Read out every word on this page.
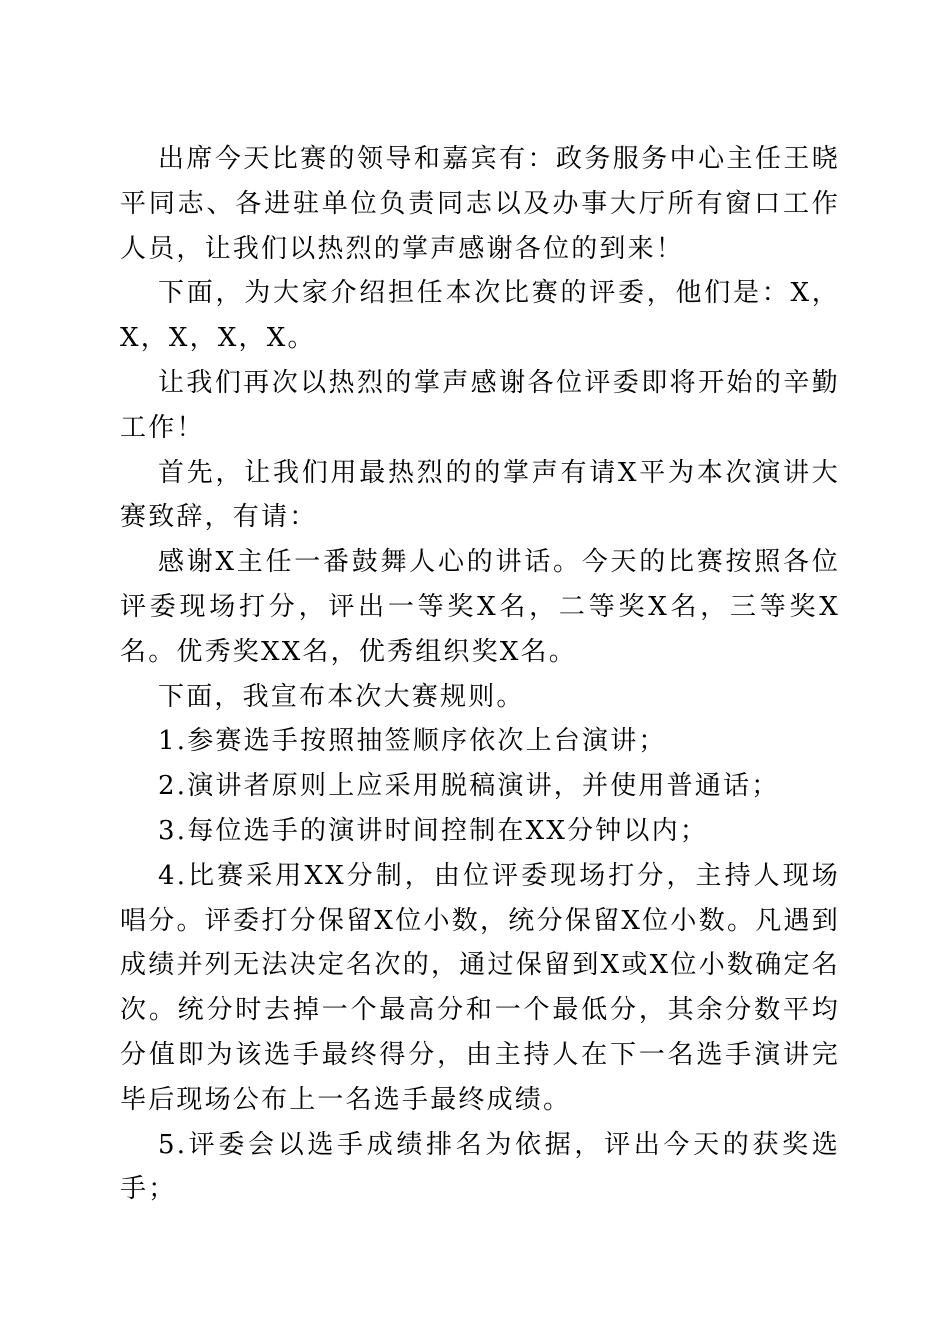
出席今天比赛的领导和嘉宾有：政务服务中心主任王晓平同志、各进驻单位负责同志以及办事大厅所有窗口工作人员，让我们以热烈的掌声感谢各位的到来！

下面，为大家介绍担任本次比赛的评委，他们是：X，X，X，X，X。

让我们再次以热烈的掌声感谢各位评委即将开始的辛勤工作！

首先，让我们用最热烈的的掌声有请X平为本次演讲大赛致辞，有请：

感谢X主任一番鼓舞人心的讲话。今天的比赛按照各位评委现场打分，评出一等奖X名，二等奖X名，三等奖X名。优秀奖XX名，优秀组织奖X名。

下面，我宣布本次大赛规则。

1.参赛选手按照抽签顺序依次上台演讲；

2.演讲者原则上应采用脱稿演讲，并使用普通话；

3.每位选手的演讲时间控制在XX分钟以内；

4.比赛采用XX分制，由位评委现场打分，主持人现场唱分。评委打分保留X位小数，统分保留X位小数。凡遇到成绩并列无法决定名次的，通过保留到X或X位小数确定名次。统分时去掉一个最高分和一个最低分，其余分数平均分值即为该选手最终得分，由主持人在下一名选手演讲完毕后现场公布上一名选手最终成绩。

5.评委会以选手成绩排名为依据，评出今天的获奖选手；
